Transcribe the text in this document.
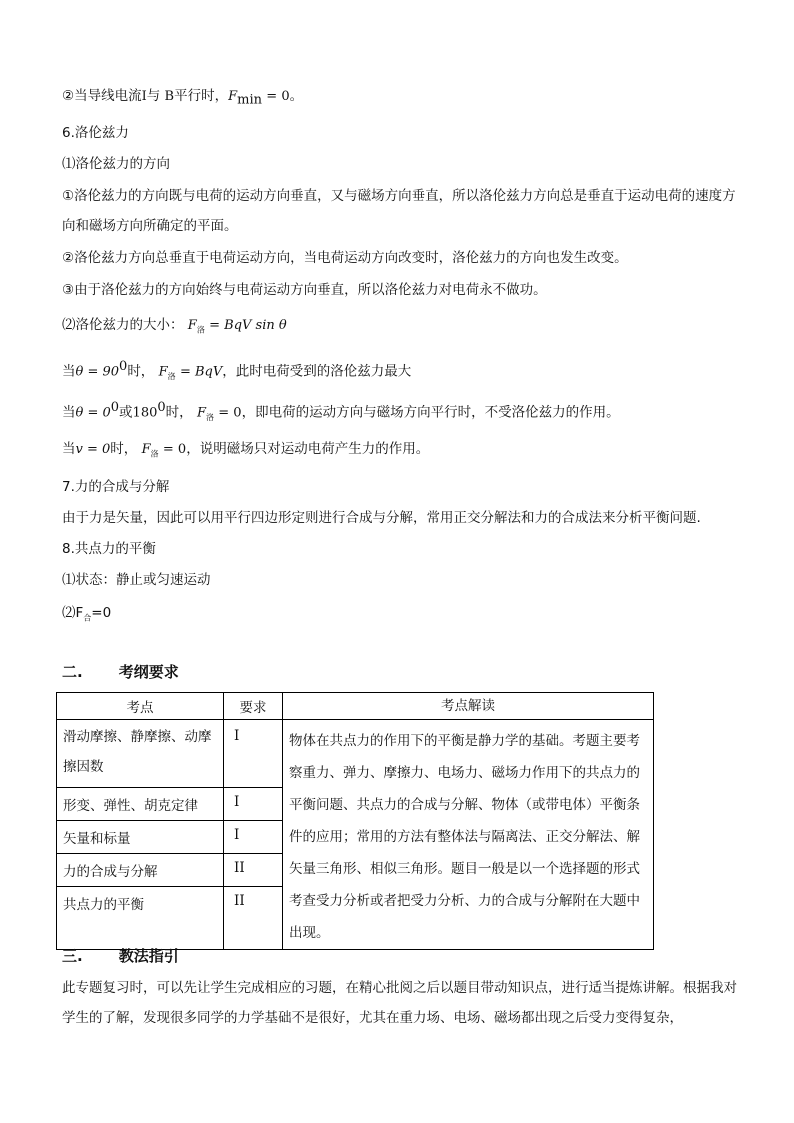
②当导线电流I与 B平行时，$F_{min} = 0$。
6.洛伦兹力
⑴洛伦兹力的方向
①洛伦兹力的方向既与电荷的运动方向垂直，又与磁场方向垂直，所以洛伦兹力方向总是垂直于运动电荷的速度方向和磁场方向所确定的平面。
②洛伦兹力方向总垂直于电荷运动方向，当电荷运动方向改变时，洛伦兹力的方向也发生改变。
③由于洛伦兹力的方向始终与电荷运动方向垂直，所以洛伦兹力对电荷永不做功。
⑵洛伦兹力的大小： $F_洛$ = BqV sin θ
当$\theta = 90^0$时， $F_洛$ = BqV，此时电荷受到的洛伦兹力最大
当$\theta = 0^0$或$180^0$时， $F_洛 = 0$，即电荷的运动方向与磁场方向平行时，不受洛伦兹力的作用。
当v = 0时， $F_洛 = 0$，说明磁场只对运动电荷产生力的作用。
7.力的合成与分解
由于力是矢量，因此可以用平行四边形定则进行合成与分解，常用正交分解法和力的合成法来分析平衡问题.
8.共点力的平衡
⑴状态：静止或匀速运动
$⑵F_合=0$
二. 考纲要求
考点	要求	考点解读
滑动摩擦、静摩擦、动摩擦因数	I	物体在共点力的作用下的平衡是静力学的基础。考题主要考察重力、弹力、摩擦力、电场力、磁场力作用下的共点力的平衡问题、共点力的合成与分解、物体（或带电体）平衡条件的应用；常用的方法有整体法与隔离法、正交分解法、解矢量三角形、相似三角形。题目一般是以一个选择题的形式考查受力分析或者把受力分析、力的合成与分解附在大题中出现。
形变、弹性、胡克定律	I	
矢量和标量	I	
力的合成与分解	II	
共点力的平衡	II	
三. 教法指引
此专题复习时，可以先让学生完成相应的习题，在精心批阅之后以题目带动知识点，进行适当提炼讲解。根据我对学生的了解，发现很多同学的力学基础不是很好，尤其在重力场、电场、磁场都出现之后受力变得复杂，
